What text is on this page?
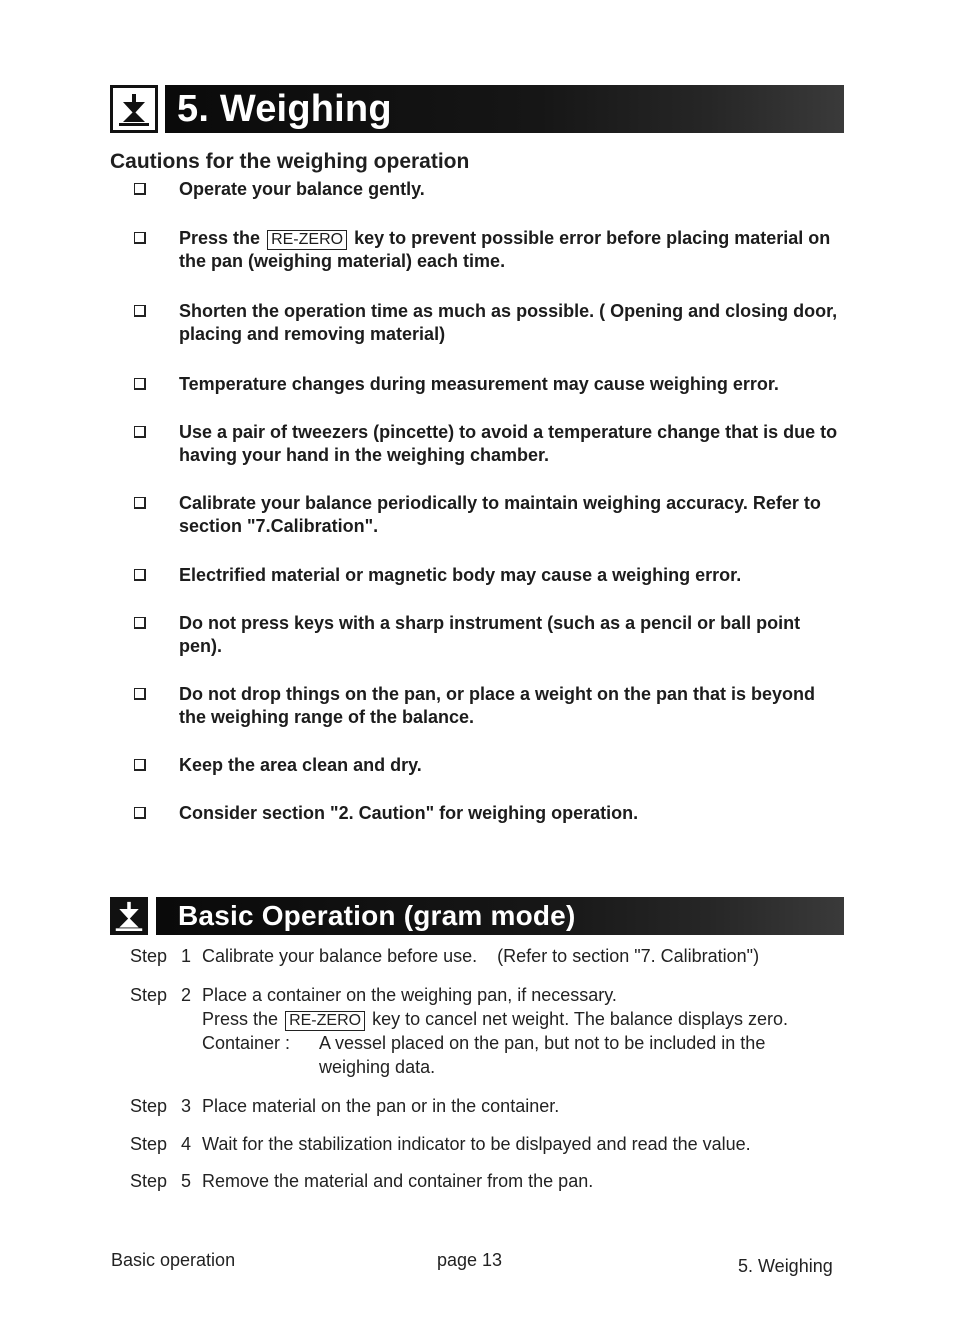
5. Weighing
Cautions for the weighing operation
Operate your balance gently.
Press the RE-ZERO key to prevent possible error before placing material on the pan (weighing material) each time.
Shorten the operation time as much as possible. ( Opening and closing door, placing and removing material)
Temperature changes during measurement may cause weighing error.
Use a pair of tweezers (pincette) to avoid a temperature change that is due to having your hand in the weighing chamber.
Calibrate your balance periodically to maintain weighing accuracy. Refer to section "7.Calibration".
Electrified material or magnetic body may cause a weighing error.
Do not press keys with a sharp instrument (such as a pencil or ball point pen).
Do not drop things on the pan, or place a weight on the pan that is beyond the weighing range of the balance.
Keep the area clean and dry.
Consider section "2. Caution" for weighing operation.
Basic Operation (gram mode)
Step 1 Calibrate your balance before use. (Refer to section "7. Calibration")
Step 2 Place a container on the weighing pan, if necessary.
Press the RE-ZERO key to cancel net weight. The balance displays zero.
Container : A vessel placed on the pan, but not to be included in the weighing data.
Step 3 Place material on the pan or in the container.
Step 4 Wait for the stabilization indicator to be dislpayed and read the value.
Step 5 Remove the material and container from the pan.
Basic operation	page 13	5. Weighing
